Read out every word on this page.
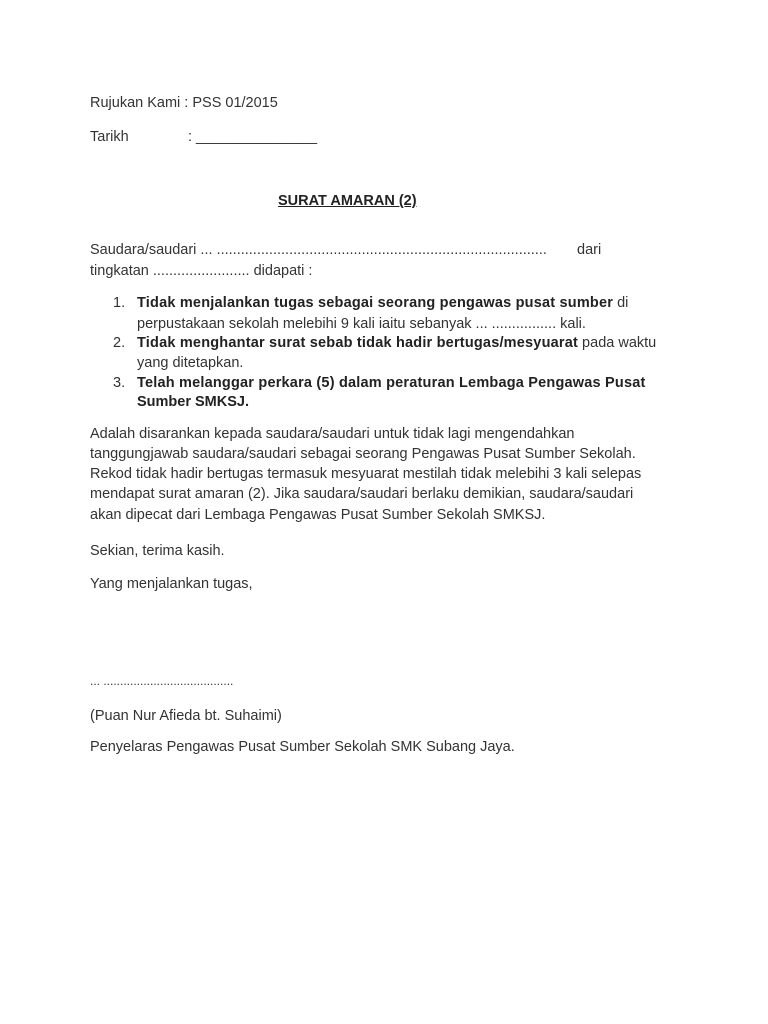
Rujukan Kami : PSS 01/2015
Tarikh	: _______________
SURAT AMARAN (2)
Saudara/saudari ... .................................................................................. dari
tingkatan ........................ didapati :
1. Tidak menjalankan tugas sebagai seorang pengawas pusat sumber di
perpustakaan sekolah melebihi 9 kali iaitu sebanyak ... ................ kali.
2. Tidak menghantar surat sebab tidak hadir bertugas/mesyuarat pada waktu
yang ditetapkan.
3. Telah melanggar perkara (5) dalam peraturan Lembaga Pengawas Pusat
Sumber SMKSJ.
Adalah disarankan kepada saudara/saudari untuk tidak lagi mengendahkan
tanggungjawab saudara/saudari sebagai seorang Pengawas Pusat Sumber Sekolah.
Rekod tidak hadir bertugas termasuk mesyuarat mestilah tidak melebihi 3 kali selepas
mendapat surat amaran (2). Jika saudara/saudari berlaku demikian, saudara/saudari
akan dipecat dari Lembaga Pengawas Pusat Sumber Sekolah SMKSJ.
Sekian, terima kasih.
Yang menjalankan tugas,
... .......................................
(Puan Nur Afieda bt. Suhaimi)
Penyelaras Pengawas Pusat Sumber Sekolah SMK Subang Jaya.
